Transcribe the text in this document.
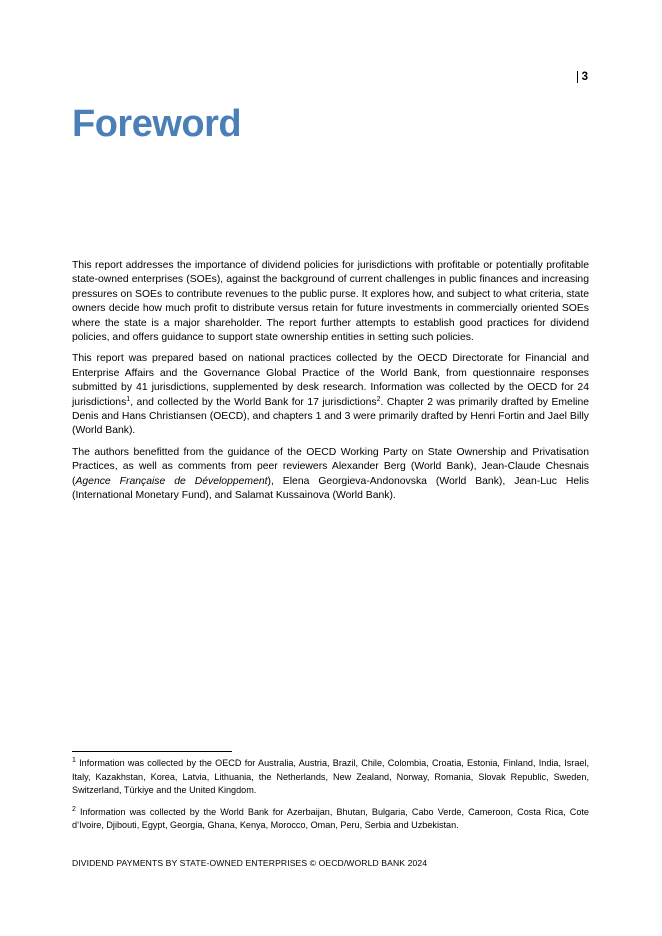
3
Foreword

This report addresses the importance of dividend policies for jurisdictions with profitable or potentially profitable state-owned enterprises (SOEs), against the background of current challenges in public finances and increasing pressures on SOEs to contribute revenues to the public purse. It explores how, and subject to what criteria, state owners decide how much profit to distribute versus retain for future investments in commercially oriented SOEs where the state is a major shareholder. The report further attempts to establish good practices for dividend policies, and offers guidance to support state ownership entities in setting such policies.

This report was prepared based on national practices collected by the OECD Directorate for Financial and Enterprise Affairs and the Governance Global Practice of the World Bank, from questionnaire responses submitted by 41 jurisdictions, supplemented by desk research. Information was collected by the OECD for 24 jurisdictions$^1$, and collected by the World Bank for 17 jurisdictions$^2$. Chapter 2 was primarily drafted by Emeline Denis and Hans Christiansen (OECD), and chapters 1 and 3 were primarily drafted by Henri Fortin and Jael Billy (World Bank).

The authors benefitted from the guidance of the OECD Working Party on State Ownership and Privatisation Practices, as well as comments from peer reviewers Alexander Berg (World Bank), Jean-Claude Chesnais (Agence Française de Développement), Elena Georgieva-Andonovska (World Bank), Jean-Luc Helis (International Monetary Fund), and Salamat Kussainova (World Bank).

$^1$ Information was collected by the OECD for Australia, Austria, Brazil, Chile, Colombia, Croatia, Estonia, Finland, India, Israel, Italy, Kazakhstan, Korea, Latvia, Lithuania, the Netherlands, New Zealand, Norway, Romania, Slovak Republic, Sweden, Switzerland, Türkiye and the United Kingdom.

$^2$ Information was collected by the World Bank for Azerbaijan, Bhutan, Bulgaria, Cabo Verde, Cameroon, Costa Rica, Cote d’Ivoire, Djibouti, Egypt, Georgia, Ghana, Kenya, Morocco, Oman, Peru, Serbia and Uzbekistan.

DIVIDEND PAYMENTS BY STATE-OWNED ENTERPRISES © OECD/WORLD BANK 2024
